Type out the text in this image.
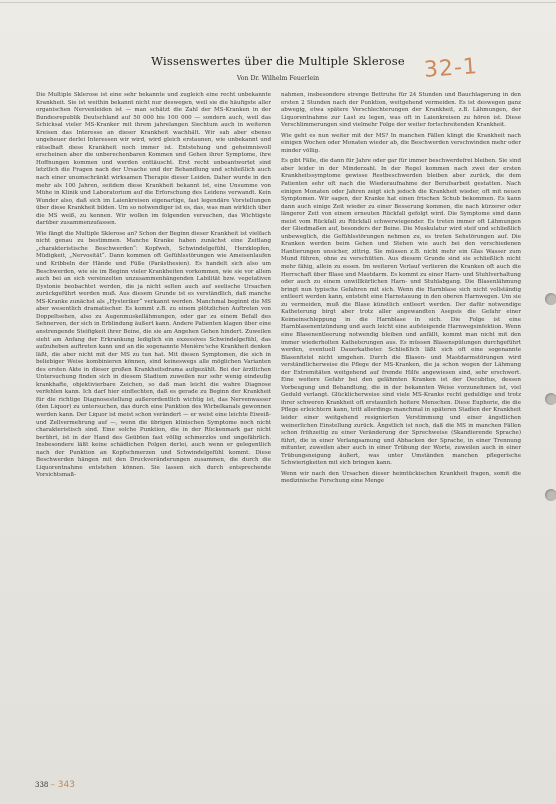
Wissenswertes über die Multiple Sklerose
Von Dr. Wilhelm Feuerlein	32-1

Die Multiple Sklerose ist eine sehr bekannte und zugleich eine recht unbekannte Krankheit. Sie ist weithin bekannt nicht nur deswegen, weil sie die häufigste aller organischen Nervenleiden ist — man schätzt die Zahl der MS-Kranken in der Bundesrepublik Deutschland auf 50 000 bis 100 000 — sondern auch, weil das Schicksal vieler MS-Kranker mit ihrem jahrelangen Siechtum auch in weiteren Kreisen das Interesse an dieser Krankheit wachhält. Wir sah aber ebenso ungeheuer derlei Interessen wir wird, wird gleich erstaunen, wie unbekannt und rätselhaft diese Krankheit noch immer ist. Entstehung und geheimnisvoll erscheinen aber die unberechenbaren Kommen und Gehen ihrer Symptome, ihre Hoffnungen kommen und werden enttäuscht. Erst recht unbeantwortet sind letztlich die Fragen nach der Ursache und der Behandlung und schließlich auch nach einer unumschränkt wirksamen Therapie dieser Leiden. Daher wurde in den mehr als 100 Jahren, seitdem diese Krankheit bekannt ist, eine Unsumme von Mühe in Klinik und Laboratorium auf die Erforschung des Leidens verwandt. Kein Wunder also, daß sich im Laienkreisen eigenartige, fast legendäre Vorstellungen über diese Krankheit bilden. Um so notwendiger ist es, das, was man wirklich über die MS weiß, zu kennen. Wir wollen im folgenden versuchen, das Wichtigste darüber zusammenzufassen.

Wie fängt die Multiple Sklerose an? Schon der Beginn dieser Krankheit ist vielfach nicht genau zu bestimmen. Manche Kranke haben zunächst eine Zeitlang „charakteristische Beschwerden“: Kopfweh, Schwindelgefühl, Herzklopfen, Müdigkeit, „Nervosität“. Dann kommen oft Gefühlsstörungen wie Ameisenlaufen und Kribbeln der Hände und Füße (Parästhesien). Es handelt sich also um Beschwerden, wie sie im Beginn vieler Krankheiten vorkommen, wie sie vor allem auch bei an sich vereinzelten unzusammenhängenden Labilität bzw. vegetativen Dystonie beobachtet werden, die ja nicht selten auch auf seelische Ursachen zurückgeführt werden muß. Aus diesem Grunde ist es verständlich, daß manche MS-Kranke zunächst als „Hysteriker“ verkannt werden. Manchmal beginnt die MS aber wesentlich dramatischer. Es kommt z.B. zu einem plötzlichen Auftreten von Doppeltsehen, also zu Augenmuskellähmungen, oder gar zu einem Befall des Sehnerven, der sich in Erblindung äußert kann. Andere Patienten klagen über eine anstrengende Steifigkeit ihrer Beine, die sie am Angehen Gehen hindert. Zuweilen sieht am Anfang der Erkrankung lediglich ein exzessives Schwindelgefühl, das aufzuheben auftreten kann und an die sogenannte Menière'sche Krankheit denken läßt, die aber nicht mit der MS zu tun hat. Mit diesen Symptomen, die sich in beliebiger Weise kombinieren können, sind keineswegs alle möglichen Varianten des ersten Akte in dieser großen Krankheitsdrama aufgezählt. Bei der ärztlichen Untersuchung finden sich in diesem Stadium zuweilen nur sehr wenig eindeutig krankhafte, objektivierbare Zeichen, so daß man leicht die wahre Diagnose verfehlen kann. Ich darf hier einflechten, daß es gerade zu Beginn der Krankheit für die richtige Diagnosestellung außerordentlich wichtig ist, das Nervenwasser (den Liquor) zu untersuchen, das durch eine Punktion des Wirbelkanals gewonnen werden kann. Der Liquor ist meist schon verändert — er weist eine leichte Eiweiß- und Zellvermehrung auf —, wenn die übrigen klinischen Symptome noch nicht charakteristisch sind. Eine solche Punktion, die in der Rückenmark gar nicht berührt, ist in der Hand des Geübten fast völlig schmerzlos und ungefährlich. Insbesondere läßt keine schädlichen Folgen derlei, auch wenn er gelegentlich nach der Punktion an Kopfschmerzen und Schwindelgefühl kommt. Diese Beschwerden hängen mit den Druckveränderungen zusammen, die durch die Liquorentnahme entstehen können. Sie lassen sich durch entsprechende Vorsichtsmaß-

nahmen, insbesondere strenge Bettruhe für 24 Stunden und Bauchlagerung in den ersten 2 Stunden nach der Punktion, weitgehend vermeiden. Es ist deswegen ganz abwegig, etwa spätere Verschlechterungen der Krankheit, z.B. Lähmungen, der Liquorentnahme zur Last zu legen, was oft in Laienkreisen zu hören ist. Diese Verschlimmerungen sind vielmehr Folge der weiter fortschreitenden Krankheit.

Wie geht es nun weiter mit der MS? In manchen Fällen klingt die Krankheit nach einigen Wochen oder Monaten wieder ab, die Beschwerden verschwinden mehr oder minder völlig.

Es gibt Fälle, die dann für Jahre oder gar für immer beschwerdefrei bleiben. Sie sind aber leider in der Minderzahl. In der Regel kommen nach zwei der ersten Krankheitssymptome gewisse Restbeschwerden bleiben aber zurück, die dem Patienten sehr oft nach die Wiederaufnahme der Berufsarbeit gestatten. Nach einigen Monaten oder Jahren zeigt sich jedoch die Krankheit wieder, oft mit neuen Symptomen. Wir sagen, der Kranke hat einen frischen Schub bekommen. Es kann dann auch einige Zeit wieder zu einer Besserung kommen, die nach kürzerer oder längerer Zeit von einem erneuten Rückfall gefolgt wird. Die Symptome sind dann meist vom Rückfall zu Rückfall schwerwiegender. Es treten immer oft Lähmungen der Gliedmaßen auf, besonders der Beine. Die Muskulatur wird steif und schließlich unbeweglich, die Gefühlsstörungen nehmen zu, es treten Sehstörungen auf. Die Kranken werden beim Gehen und Stehen wie auch bei den verschiedenen Hantierungen unsicher, zittrig. Sie müssen z.B. nicht mehr ein Glas Wasser zum Mund führen, ohne zu verschütten. Aus diesem Grunde sind sie schließlich nicht mehr fähig, allein zu essen. Im weiteren Verlauf verlieren die Kranken oft auch die Herrschaft über Blase und Mastdarm. Es kommt zu einer Harn- und Stuhlverhaltung oder auch zu einem unwillkürlichen Harn- und Stuhlabgang. Die Blasenlähmung bringt nun typische Gefahren mit sich. Wenn die Harnblase sich nicht vollständig entleert werden kann, entsteht eine Harnstauung in den oberen Harnwegen. Um sie zu vermeiden, muß die Blase künstlich entleert werden. Der dafür notwendige Katheterung birgt aber trotz aller angewandten Asepsis die Gefahr einer Keimeinschleppung in die Harnblase in sich. Die Folge ist eine Harnblasenentzündung und auch leicht eine aufsteigende Harnwegsinfektion. Wenn eine Blasenentleerung notwendig bleiben und anfällt, kommt man nicht mit den immer wiederholten Katheterungen aus. Es müssen Blasenspülungen durchgeführt werden, eventuell Dauerkatheter. Schließlich läßt sich oft eine sogenannte Blasenfistel nicht umgehen. Durch die Blasen- und Mastdarmstörungen wird verständlicherweise die Pflege der MS-Kranken, die ja schon wegen der Lähmung der Extremitäten weitgehend auf fremde Hilfe angewiesen sind, sehr erschwert. Eine weitere Gefahr bei den gelähmten Kranken ist der Decubitus, dessen Vorbeugung und Behandlung, die in der bekannten Weise vorzunehmen ist, viel Geduld verlangt. Glücklicherweise sind viele MS-Kranke recht geduldige und trotz ihrer schweren Krankheit oft erstaunlich heitere Menschen. Diese Euphorie, die die Pflege erleichtern kann, tritt allerdings manchmal in späteren Stadien der Krankheit leider einer weitgehend resignierten Verstimmung und einer ängstlichen weinerlichen Einstellung zurück. Ängstlich ist noch, daß die MS in manchen Fällen schon frühzeitig zu einer Veränderung der Sprechweise (Skandierende Sprache) führt, die in einer Verlangsamung und Abhacken der Sprache, in einer Trennung mitunter, zuweilen aber auch in einer Trübung der Worte, zuweilen auch in einer Trübungsneigung äußert, was unter Umständen manchen pflegerische Schwierigkeiten mit sich bringen kann.

Wenn wir nach den Ursachen dieser heimtückischen Krankheit fragen, somit die medizinische Forschung eine Menge

338 – 343
